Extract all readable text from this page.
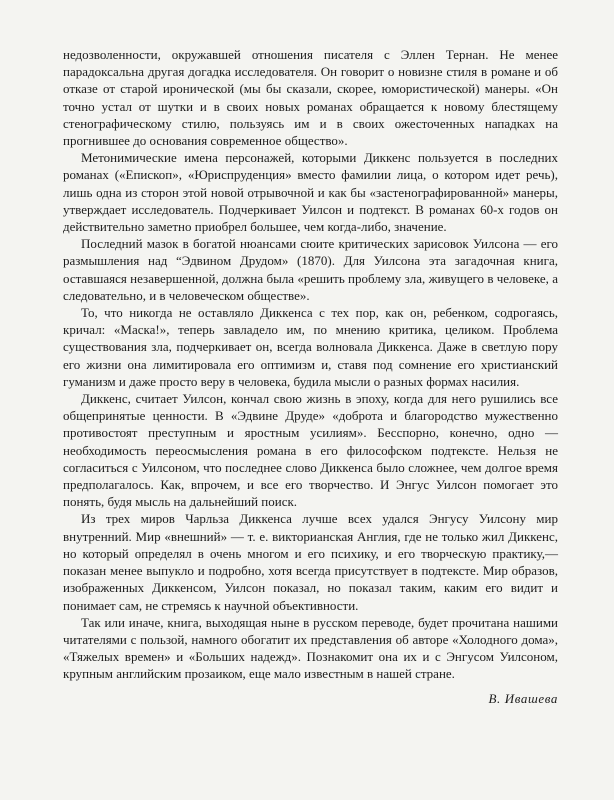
недозволенности, окружавшей отношения писателя с Эллен Тернан. Не менее парадоксальна другая догадка исследователя. Он говорит о новизне стиля в романе и об отказе от старой иронической (мы бы сказали, скорее, юмористической) манеры. «Он точно устал от шутки и в своих новых романах обращается к новому блестящему стенографическому стилю, пользуясь им и в своих ожесточенных нападках на прогнившее до основания современное общество».

Метонимические имена персонажей, которыми Диккенс пользуется в последних романах («Епископ», «Юриспруденция» вместо фамилии лица, о котором идет речь), лишь одна из сторон этой новой отрывочной и как бы «застенографированной» манеры, утверждает исследователь. Подчеркивает Уилсон и подтекст. В романах 60-х годов он действительно заметно приобрел большее, чем когда-либо, значение.

Последний мазок в богатой нюансами сюите критических зарисовок Уилсона — его размышления над “Эдвином Друдом» (1870). Для Уилсона эта загадочная книга, оставшаяся незавершенной, должна была «решить проблему зла, живущего в человеке, а следовательно, и в человеческом обществе».

То, что никогда не оставляло Диккенса с тех пор, как он, ребенком, содрогаясь, кричал: «Маска!», теперь завладело им, по мнению критика, целиком. Проблема существования зла, подчеркивает он, всегда волновала Диккенса. Даже в светлую пору его жизни она лимитировала его оптимизм и, ставя под сомнение его христианский гуманизм и даже просто веру в человека, будила мысли о разных формах насилия.

Диккенс, считает Уилсон, кончал свою жизнь в эпоху, когда для него рушились все общепринятые ценности. В «Эдвине Друде» «доброта и благородство мужественно противостоят преступным и яростным усилиям». Бесспорно, конечно, одно — необходимость переосмысления романа в его философском подтексте. Нельзя не согласиться с Уилсоном, что последнее слово Диккенса было сложнее, чем долгое время предполагалось. Как, впрочем, и все его творчество. И Энгус Уилсон помогает это понять, будя мысль на дальнейший поиск.

Из трех миров Чарльза Диккенса лучше всех удался Энгусу Уилсону мир внутренний. Мир «внешний» — т. е. викторианская Англия, где не только жил Диккенс, но который определял в очень многом и его психику, и его творческую практику,— показан менее выпукло и подробно, хотя всегда присутствует в подтексте. Мир образов, изображенных Диккенсом, Уилсон показал, но показал таким, каким его видит и понимает сам, не стремясь к научной объективности.

Так или иначе, книга, выходящая ныне в русском переводе, будет прочитана нашими читателями с пользой, намного обогатит их представления об авторе «Холодного дома», «Тяжелых времен» и «Больших надежд». Познакомит она их и с Энгусом Уилсоном, крупным английским прозаиком, еще мало известным в нашей стране.

В. Ивашева
